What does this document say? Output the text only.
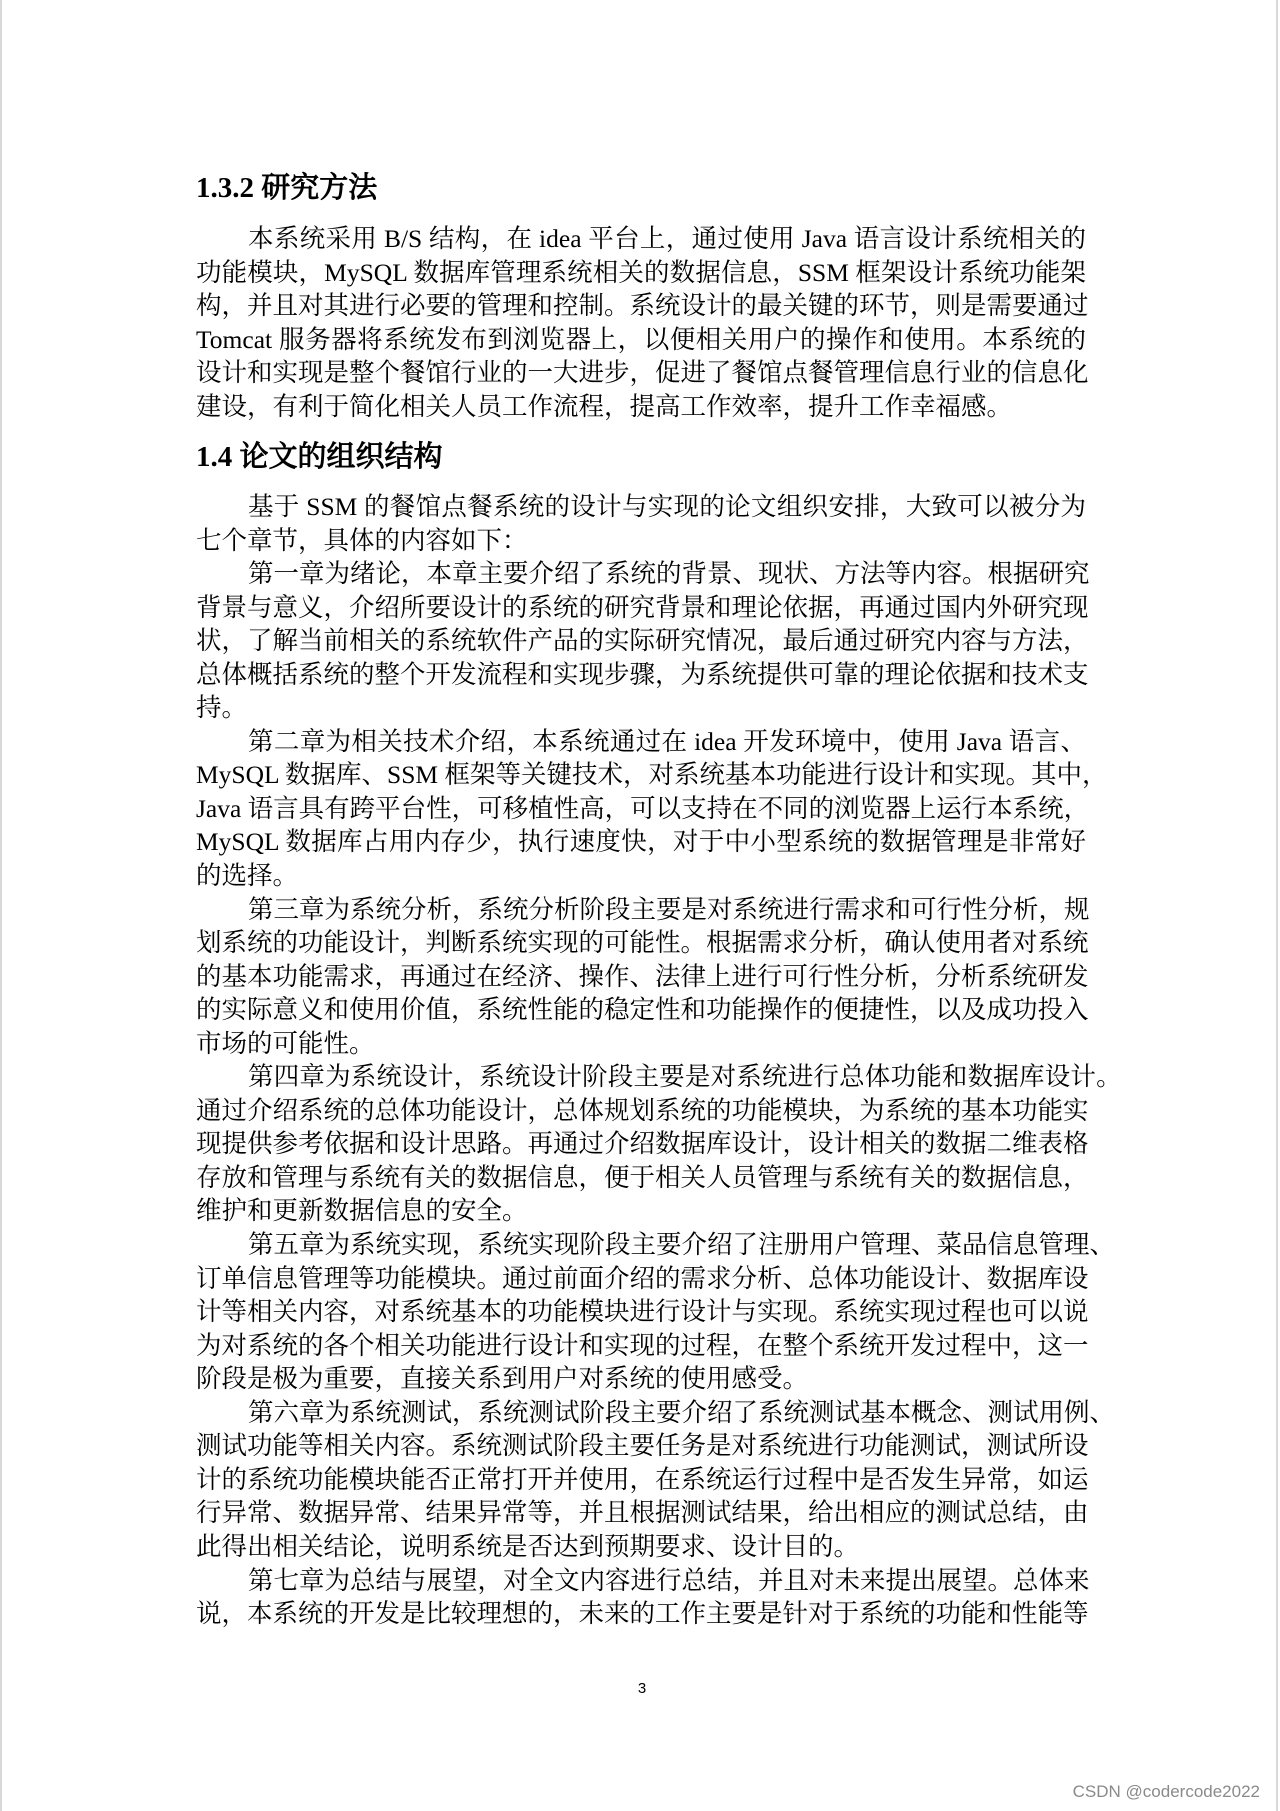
1.3.2 研究方法
本系统采用 B/S 结构，在 idea 平台上，通过使用 Java 语言设计系统相关的
功能模块，MySQL 数据库管理系统相关的数据信息，SSM 框架设计系统功能架
构，并且对其进行必要的管理和控制。系统设计的最关键的环节，则是需要通过
Tomcat 服务器将系统发布到浏览器上，以便相关用户的操作和使用。本系统的
设计和实现是整个餐馆行业的一大进步，促进了餐馆点餐管理信息行业的信息化
建设，有利于简化相关人员工作流程，提高工作效率，提升工作幸福感。
1.4 论文的组织结构
基于 SSM 的餐馆点餐系统的设计与实现的论文组织安排，大致可以被分为
七个章节，具体的内容如下：
第一章为绪论，本章主要介绍了系统的背景、现状、方法等内容。根据研究
背景与意义，介绍所要设计的系统的研究背景和理论依据，再通过国内外研究现
状，了解当前相关的系统软件产品的实际研究情况，最后通过研究内容与方法，
总体概括系统的整个开发流程和实现步骤，为系统提供可靠的理论依据和技术支
持。
第二章为相关技术介绍，本系统通过在 idea 开发环境中，使用 Java 语言、
MySQL 数据库、SSM 框架等关键技术，对系统基本功能进行设计和实现。其中，
Java 语言具有跨平台性，可移植性高，可以支持在不同的浏览器上运行本系统，
MySQL 数据库占用内存少，执行速度快，对于中小型系统的数据管理是非常好
的选择。
第三章为系统分析，系统分析阶段主要是对系统进行需求和可行性分析，规
划系统的功能设计，判断系统实现的可能性。根据需求分析，确认使用者对系统
的基本功能需求，再通过在经济、操作、法律上进行可行性分析，分析系统研发
的实际意义和使用价值，系统性能的稳定性和功能操作的便捷性，以及成功投入
市场的可能性。
第四章为系统设计，系统设计阶段主要是对系统进行总体功能和数据库设计。
通过介绍系统的总体功能设计，总体规划系统的功能模块，为系统的基本功能实
现提供参考依据和设计思路。再通过介绍数据库设计，设计相关的数据二维表格
存放和管理与系统有关的数据信息，便于相关人员管理与系统有关的数据信息，
维护和更新数据信息的安全。
第五章为系统实现，系统实现阶段主要介绍了注册用户管理、菜品信息管理、
订单信息管理等功能模块。通过前面介绍的需求分析、总体功能设计、数据库设
计等相关内容，对系统基本的功能模块进行设计与实现。系统实现过程也可以说
为对系统的各个相关功能进行设计和实现的过程，在整个系统开发过程中，这一
阶段是极为重要，直接关系到用户对系统的使用感受。
第六章为系统测试，系统测试阶段主要介绍了系统测试基本概念、测试用例、
测试功能等相关内容。系统测试阶段主要任务是对系统进行功能测试，测试所设
计的系统功能模块能否正常打开并使用，在系统运行过程中是否发生异常，如运
行异常、数据异常、结果异常等，并且根据测试结果，给出相应的测试总结，由
此得出相关结论，说明系统是否达到预期要求、设计目的。
第七章为总结与展望，对全文内容进行总结，并且对未来提出展望。总体来
说，本系统的开发是比较理想的，未来的工作主要是针对于系统的功能和性能等
3
CSDN @codercode2022
